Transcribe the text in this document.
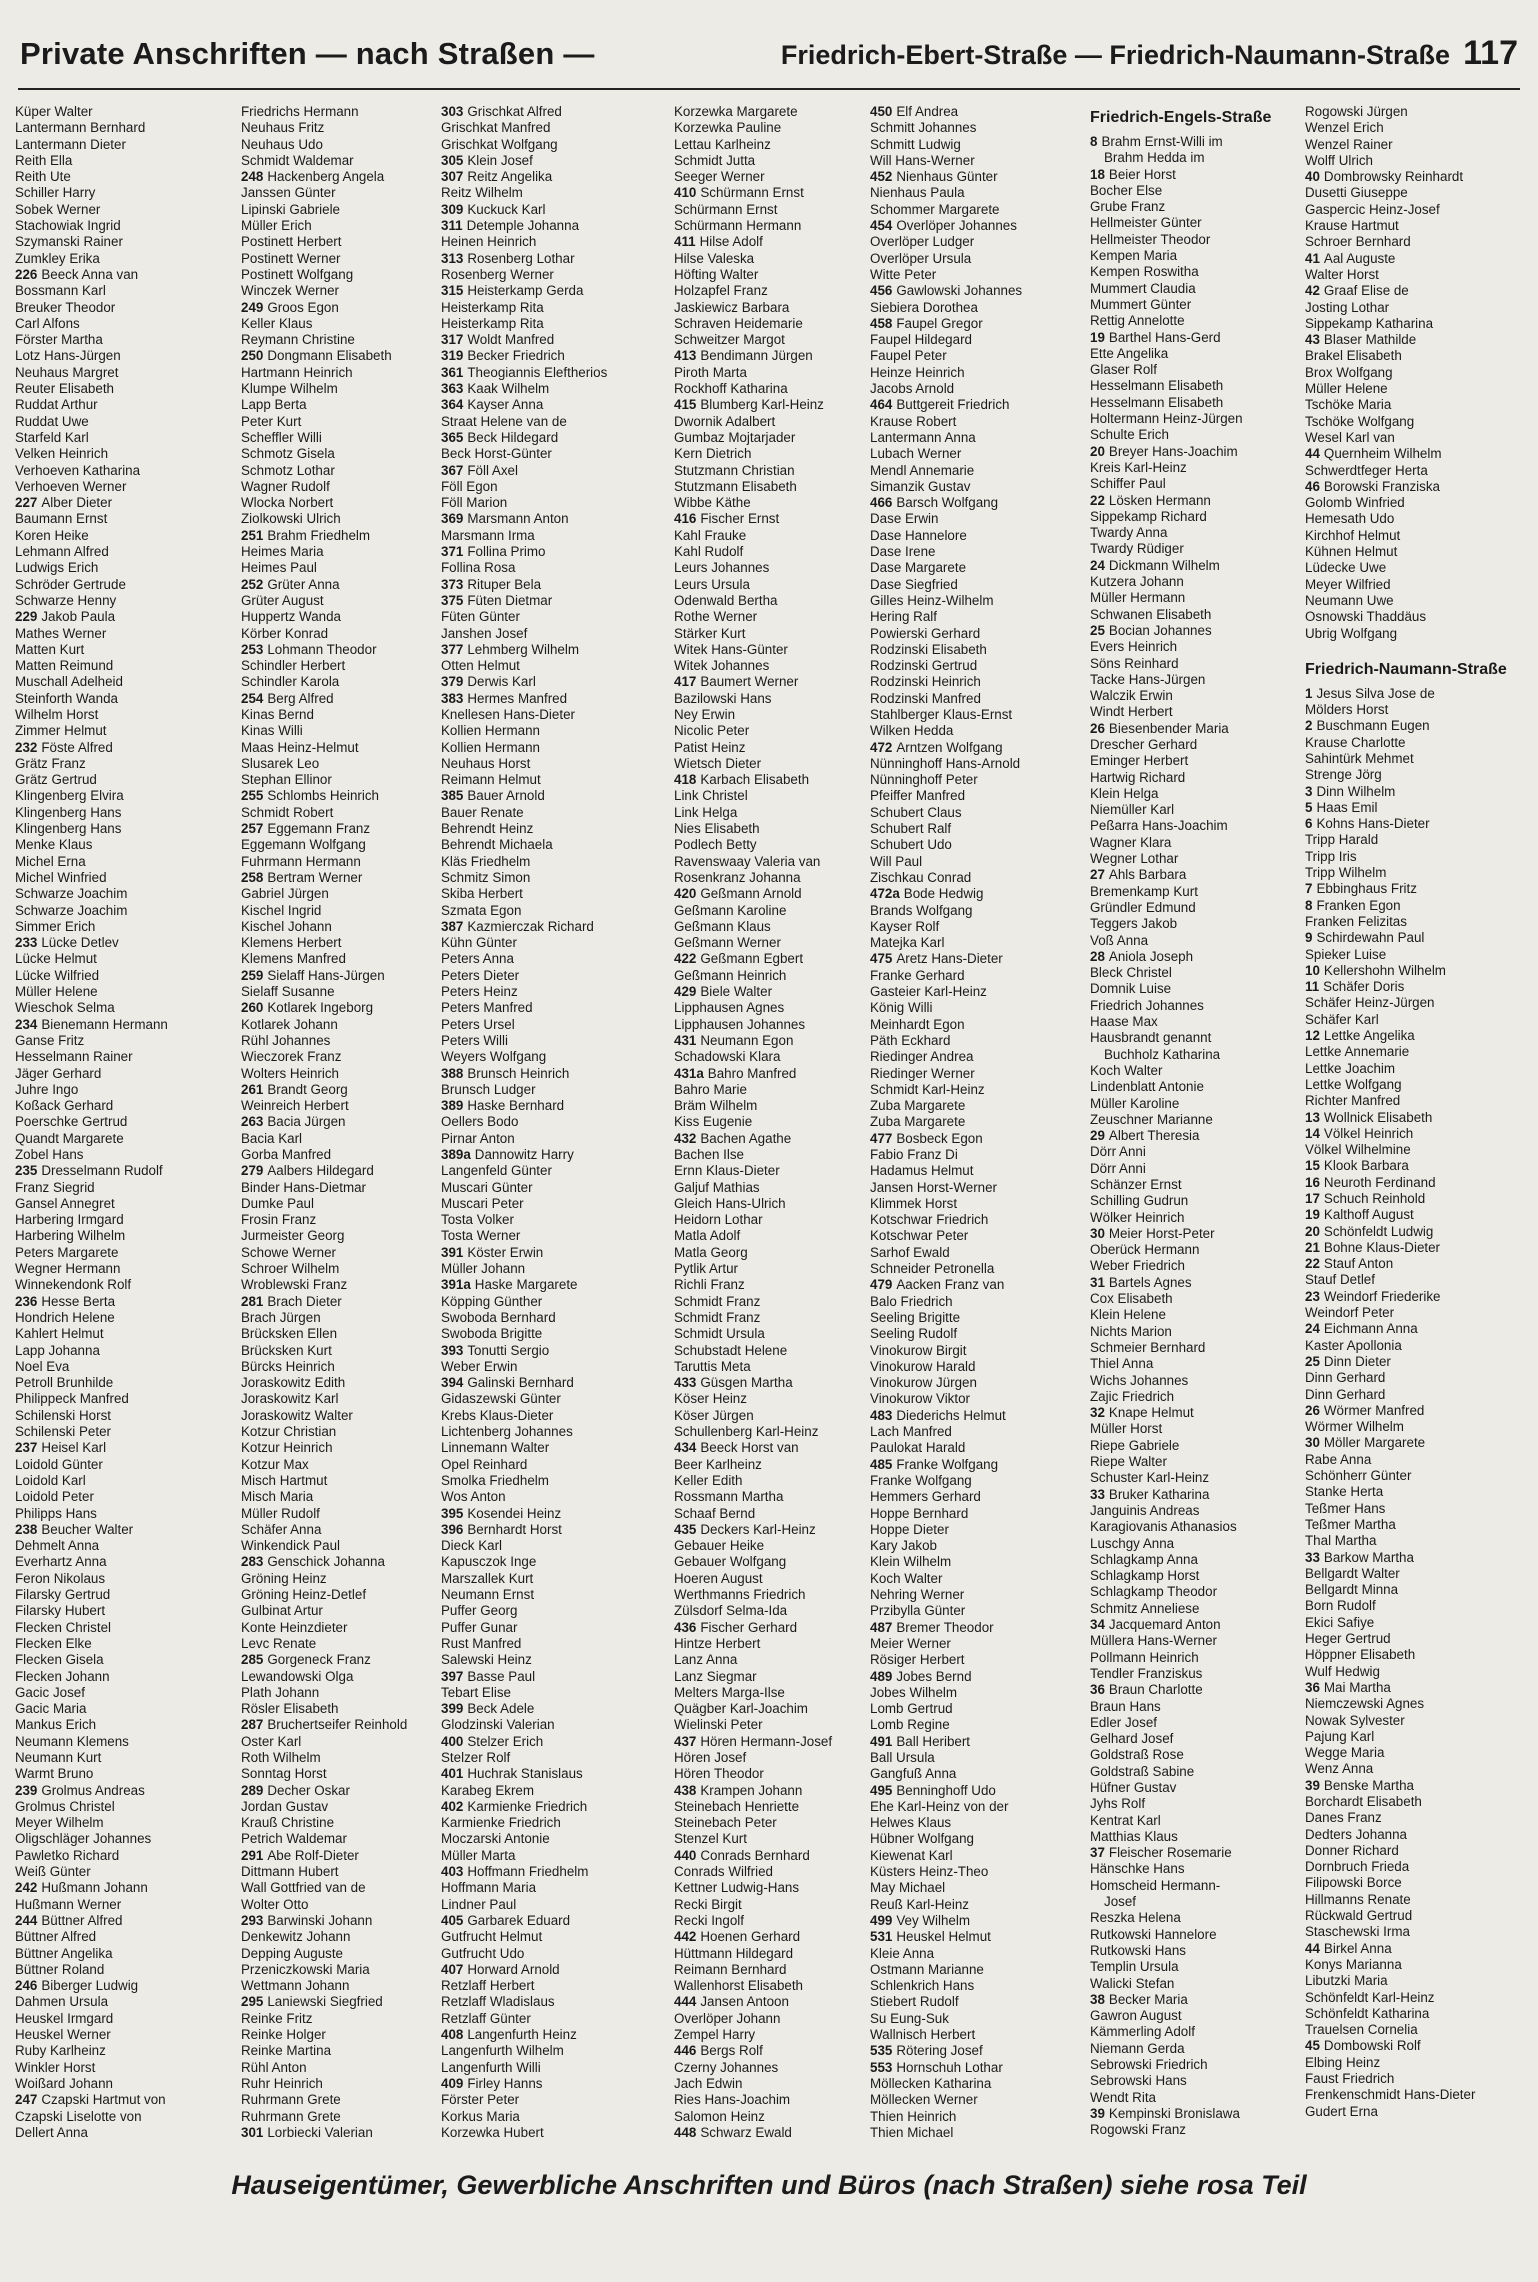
Private Anschriften — nach Straßen —	Friedrich-Ebert-Straße — Friedrich-Naumann-Straße 117
Küper Walter
Lantermann Bernhard
Lantermann Dieter
Reith Ella
Reith Ute
Schiller Harry
Sobek Werner
Stachowiak Ingrid
Szymanski Rainer
Zumkley Erika
226 Beeck Anna van
Bossmann Karl
Breuker Theodor
Carl Alfons
Förster Martha
Lotz Hans-Jürgen
Neuhaus Margret
Reuter Elisabeth
Ruddat Arthur
Ruddat Uwe
Starfeld Karl
Velken Heinrich
Verhoeven Katharina
Verhoeven Werner
227 Alber Dieter
Baumann Ernst
Koren Heike
Lehmann Alfred
Ludwigs Erich
Schröder Gertrude
Schwarze Henny
229 Jakob Paula
Mathes Werner
Matten Kurt
Matten Reimund
Muschall Adelheid
Steinforth Wanda
Wilhelm Horst
Zimmer Helmut
232 Föste Alfred
Grätz Franz
Grätz Gertrud
Klingenberg Elvira
Klingenberg Hans
Klingenberg Hans
Menke Klaus
Michel Erna
Michel Winfried
Schwarze Joachim
Schwarze Joachim
Simmer Erich
233 Lücke Detlev
Lücke Helmut
Lücke Wilfried
Müller Helene
Wieschok Selma
234 Bienemann Hermann
Ganse Fritz
Hesselmann Rainer
Jäger Gerhard
Juhre Ingo
Koßack Gerhard
Poerschke Gertrud
Quandt Margarete
Zobel Hans
235 Dresselmann Rudolf
Franz Siegrid
Gansel Annegret
Harbering Irmgard
Harbering Wilhelm
Peters Margarete
Wegner Hermann
Winnekendonk Rolf
236 Hesse Berta
Hondrich Helene
Kahlert Helmut
Lapp Johanna
Noel Eva
Petroll Brunhilde
Philippeck Manfred
Schilenski Horst
Schilenski Peter
237 Heisel Karl
Loidold Günter
Loidold Karl
Loidold Peter
Philipps Hans
238 Beucher Walter
Dehmelt Anna
Everhartz Anna
Feron Nikolaus
Filarsky Gertrud
Filarsky Hubert
Flecken Christel
Flecken Elke
Flecken Gisela
Flecken Johann
Gacic Josef
Gacic Maria
Mankus Erich
Neumann Klemens
Neumann Kurt
Warmt Bruno
239 Grolmus Andreas
Grolmus Christel
Meyer Wilhelm
Oligschläger Johannes
Pawletko Richard
Weiß Günter
242 Hußmann Johann
Hußmann Werner
244 Büttner Alfred
Büttner Alfred
Büttner Angelika
Büttner Roland
246 Biberger Ludwig
Dahmen Ursula
Heuskel Irmgard
Heuskel Werner
Ruby Karlheinz
Winkler Horst
Woißard Johann
247 Czapski Hartmut von
Czapski Liselotte von
Dellert Anna
Friedrichs Hermann
Neuhaus Fritz
Neuhaus Udo
Schmidt Waldemar
248 Hackenberg Angela
Janssen Günter
Lipinski Gabriele
Müller Erich
Postinett Herbert
Postinett Werner
Postinett Wolfgang
Winczek Werner
249 Groos Egon
Keller Klaus
Reymann Christine
250 Dongmann Elisabeth
Hartmann Heinrich
Klumpe Wilhelm
Lapp Berta
Peter Kurt
Scheffler Willi
Schmotz Gisela
Schmotz Lothar
Wagner Rudolf
Wlocka Norbert
Ziolkowski Ulrich
251 Brahm Friedhelm
Heimes Maria
Heimes Paul
252 Grüter Anna
Grüter August
Huppertz Wanda
Körber Konrad
253 Lohmann Theodor
Schindler Herbert
Schindler Karola
254 Berg Alfred
Kinas Bernd
Kinas Willi
Maas Heinz-Helmut
Slusarek Leo
Stephan Ellinor
255 Schlombs Heinrich
Schmidt Robert
257 Eggemann Franz
Eggemann Wolfgang
Fuhrmann Hermann
258 Bertram Werner
Gabriel Jürgen
Kischel Ingrid
Kischel Johann
Klemens Herbert
Klemens Manfred
259 Sielaff Hans-Jürgen
Sielaff Susanne
260 Kotlarek Ingeborg
Kotlarek Johann
Rühl Johannes
Wieczorek Franz
Wolters Heinrich
261 Brandt Georg
Weinreich Herbert
263 Bacia Jürgen
Bacia Karl
Gorba Manfred
279 Aalbers Hildegard
Binder Hans-Dietmar
Dumke Paul
Frosin Franz
Jurmeister Georg
Schowe Werner
Schroer Wilhelm
Wroblewski Franz
281 Brach Dieter
Brach Jürgen
Brücksken Ellen
Brücksken Kurt
Bürcks Heinrich
Joraskowitz Edith
Joraskowitz Karl
Joraskowitz Walter
Kotzur Christian
Kotzur Heinrich
Kotzur Max
Misch Hartmut
Misch Maria
Müller Rudolf
Schäfer Anna
Winkendick Paul
283 Genschick Johanna
Gröning Heinz
Gröning Heinz-Detlef
Gulbinat Artur
Konte Heinzdieter
Levc Renate
285 Gorgeneck Franz
Lewandowski Olga
Plath Johann
Rösler Elisabeth
287 Bruchertseifer Reinhold
Oster Karl
Roth Wilhelm
Sonntag Horst
289 Decher Oskar
Jordan Gustav
Krauß Christine
Petrich Waldemar
291 Abe Rolf-Dieter
Dittmann Hubert
Wall Gottfried van de
Wolter Otto
293 Barwinski Johann
Denkewitz Johann
Depping Auguste
Przeniczkowski Maria
Wettmann Johann
295 Laniewski Siegfried
Reinke Fritz
Reinke Holger
Reinke Martina
Rühl Anton
Ruhr Heinrich
Ruhrmann Grete
Ruhrmann Grete
301 Lorbiecki Valerian
303 Grischkat Alfred
Grischkat Manfred
Grischkat Wolfgang
305 Klein Josef
307 Reitz Angelika
Reitz Wilhelm
309 Kuckuck Karl
311 Detemple Johanna
Heinen Heinrich
313 Rosenberg Lothar
Rosenberg Werner
315 Heisterkamp Gerda
Heisterkamp Rita
Heisterkamp Rita
317 Woldt Manfred
319 Becker Friedrich
361 Theogiannis Eleftherios
363 Kaak Wilhelm
364 Kayser Anna
Straat Helene van de
365 Beck Hildegard
Beck Horst-Günter
367 Föll Axel
Föll Egon
Föll Marion
369 Marsmann Anton
Marsmann Irma
371 Follina Primo
Follina Rosa
373 Rituper Bela
375 Füten Dietmar
Füten Günter
Janshen Josef
377 Lehmberg Wilhelm
Otten Helmut
379 Derwis Karl
383 Hermes Manfred
Knellesen Hans-Dieter
Kollien Hermann
Kollien Hermann
Neuhaus Horst
Reimann Helmut
385 Bauer Arnold
Bauer Renate
Behrendt Heinz
Behrendt Michaela
Kläs Friedhelm
Schmitz Simon
Skiba Herbert
Szmata Egon
387 Kazmierczak Richard
Kühn Günter
Peters Anna
Peters Dieter
Peters Heinz
Peters Manfred
Peters Ursel
Peters Willi
Weyers Wolfgang
388 Brunsch Heinrich
Brunsch Ludger
389 Haske Bernhard
Oellers Bodo
Pirnar Anton
389a Dannowitz Harry
Langenfeld Günter
Muscari Günter
Muscari Peter
Tosta Volker
Tosta Werner
391 Köster Erwin
Müller Johann
391a Haske Margarete
Köpping Günther
Swoboda Bernhard
Swoboda Brigitte
393 Tonutti Sergio
Weber Erwin
394 Galinski Bernhard
Gidaszewski Günter
Krebs Klaus-Dieter
Lichtenberg Johannes
Linnemann Walter
Opel Reinhard
Smolka Friedhelm
Wos Anton
395 Kosendei Heinz
396 Bernhardt Horst
Dieck Karl
Kapusczok Inge
Marszallek Kurt
Neumann Ernst
Puffer Georg
Puffer Gunar
Rust Manfred
Salewski Heinz
397 Basse Paul
Tebart Elise
399 Beck Adele
Glodzinski Valerian
400 Stelzer Erich
Stelzer Rolf
401 Huchrak Stanislaus
Karabeg Ekrem
402 Karmienke Friedrich
Karmienke Friedrich
Moczarski Antonie
Müller Marta
403 Hoffmann Friedhelm
Hoffmann Maria
Lindner Paul
405 Garbarek Eduard
Gutfrucht Helmut
Gutfrucht Udo
407 Horward Arnold
Retzlaff Herbert
Retzlaff Wladislaus
Retzlaff Günter
408 Langenfurth Heinz
Langenfurth Wilhelm
Langenfurth Willi
409 Firley Hanns
Förster Peter
Korkus Maria
Korzewka Hubert
Korzewka Margarete
Korzewka Pauline
Lettau Karlheinz
Schmidt Jutta
Seeger Werner
410 Schürmann Ernst
Schürmann Ernst
Schürmann Hermann
411 Hilse Adolf
Hilse Valeska
Höfting Walter
Holzapfel Franz
Jaskiewicz Barbara
Schraven Heidemarie
Schweitzer Margot
413 Bendimann Jürgen
Piroth Marta
Rockhoff Katharina
415 Blumberg Karl-Heinz
Dwornik Adalbert
Gumbaz Mojtarjader
Kern Dietrich
Stutzmann Christian
Stutzmann Elisabeth
Wibbe Käthe
416 Fischer Ernst
Kahl Frauke
Kahl Rudolf
Leurs Johannes
Leurs Ursula
Odenwald Bertha
Rothe Werner
Stärker Kurt
Witek Hans-Günter
Witek Johannes
417 Baumert Werner
Bazilowski Hans
Ney Erwin
Nicolic Peter
Patist Heinz
Wietsch Dieter
418 Karbach Elisabeth
Link Christel
Link Helga
Nies Elisabeth
Podlech Betty
Ravenswaay Valeria van
Rosenkranz Johanna
420 Geßmann Arnold
Geßmann Karoline
Geßmann Klaus
Geßmann Werner
422 Geßmann Egbert
Geßmann Heinrich
429 Biele Walter
Lipphausen Agnes
Lipphausen Johannes
431 Neumann Egon
Schadowski Klara
431a Bahro Manfred
Bahro Marie
Bräm Wilhelm
Kiss Eugenie
432 Bachen Agathe
Bachen Ilse
Ernn Klaus-Dieter
Galjuf Mathias
Gleich Hans-Ulrich
Heidorn Lothar
Matla Adolf
Matla Georg
Pytlik Artur
Richli Franz
Schmidt Franz
Schmidt Franz
Schmidt Ursula
Schubstadt Helene
Taruttis Meta
433 Güsgen Martha
Köser Heinz
Köser Jürgen
Schullenberg Karl-Heinz
434 Beeck Horst van
Beer Karlheinz
Keller Edith
Rossmann Martha
Schaaf Bernd
435 Deckers Karl-Heinz
Gebauer Heike
Gebauer Wolfgang
Hoeren August
Werthmanns Friedrich
Zülsdorf Selma-Ida
436 Fischer Gerhard
Hintze Herbert
Lanz Anna
Lanz Siegmar
Melters Marga-Ilse
Quägber Karl-Joachim
Wielinski Peter
437 Hören Hermann-Josef
Hören Josef
Hören Theodor
438 Krampen Johann
Steinebach Henriette
Steinebach Peter
Stenzel Kurt
440 Conrads Bernhard
Conrads Wilfried
Kettner Ludwig-Hans
Recki Birgit
Recki Ingolf
442 Hoenen Gerhard
Hüttmann Hildegard
Reimann Bernhard
Wallenhorst Elisabeth
444 Jansen Antoon
Overlöper Johann
Zempel Harry
446 Bergs Rolf
Czerny Johannes
Jach Edwin
Ries Hans-Joachim
Salomon Heinz
448 Schwarz Ewald
450 Elf Andrea
Schmitt Johannes
Schmitt Ludwig
Will Hans-Werner
452 Nienhaus Günter
Nienhaus Paula
Schommer Margarete
454 Overlöper Johannes
Overlöper Ludger
Overlöper Ursula
Witte Peter
456 Gawlowski Johannes
Siebiera Dorothea
458 Faupel Gregor
Faupel Hildegard
Faupel Peter
Heinze Heinrich
Jacobs Arnold
464 Buttgereit Friedrich
Krause Robert
Lantermann Anna
Lubach Werner
Mendl Annemarie
Simanzik Gustav
466 Barsch Wolfgang
Dase Erwin
Dase Hannelore
Dase Irene
Dase Margarete
Dase Siegfried
Gilles Heinz-Wilhelm
Hering Ralf
Powierski Gerhard
Rodzinski Elisabeth
Rodzinski Gertrud
Rodzinski Heinrich
Rodzinski Manfred
Stahlberger Klaus-Ernst
Wilken Hedda
472 Arntzen Wolfgang
Nünninghoff Hans-Arnold
Nünninghoff Peter
Pfeiffer Manfred
Schubert Claus
Schubert Ralf
Schubert Udo
Will Paul
Zischkau Conrad
472a Bode Hedwig
Brands Wolfgang
Kayser Rolf
Matejka Karl
475 Aretz Hans-Dieter
Franke Gerhard
Gasteier Karl-Heinz
König Willi
Meinhardt Egon
Päth Eckhard
Riedinger Andrea
Riedinger Werner
Schmidt Karl-Heinz
Zuba Margarete
Zuba Margarete
477 Bosbeck Egon
Fabio Franz Di
Hadamus Helmut
Jansen Horst-Werner
Klimmek Horst
Kotschwar Friedrich
Kotschwar Peter
Sarhof Ewald
Schneider Petronella
479 Aacken Franz van
Balo Friedrich
Seeling Brigitte
Seeling Rudolf
Vinokurow Birgit
Vinokurow Harald
Vinokurow Jürgen
Vinokurow Viktor
483 Diederichs Helmut
Lach Manfred
Paulokat Harald
485 Franke Wolfgang
Franke Wolfgang
Hemmers Gerhard
Hoppe Bernhard
Hoppe Dieter
Kary Jakob
Klein Wilhelm
Koch Walter
Nehring Werner
Przibylla Günter
487 Bremer Theodor
Meier Werner
Rösiger Herbert
489 Jobes Bernd
Jobes Wilhelm
Lomb Gertrud
Lomb Regine
491 Ball Heribert
Ball Ursula
Gangfuß Anna
495 Benninghoff Udo
Ehe Karl-Heinz von der
Helwes Klaus
Hübner Wolfgang
Kiewenat Karl
Küsters Heinz-Theo
May Michael
Reuß Karl-Heinz
499 Vey Wilhelm
531 Heuskel Helmut
Kleie Anna
Ostmann Marianne
Schlenkrich Hans
Stiebert Rudolf
Su Eung-Suk
Wallnisch Herbert
535 Rötering Josef
553 Hornschuh Lothar
Möllecken Katharina
Möllecken Werner
Thien Heinrich
Thien Michael
Friedrich-Engels-Straße
8 Brahm Ernst-Willi im
Brahm Hedda im
18 Beier Horst
Bocher Else
Grube Franz
Hellmeister Günter
Hellmeister Theodor
Kempen Maria
Kempen Roswitha
Mummert Claudia
Mummert Günter
Rettig Annelotte
19 Barthel Hans-Gerd
Ette Angelika
Glaser Rolf
Hesselmann Elisabeth
Hesselmann Elisabeth
Holtermann Heinz-Jürgen
Schulte Erich
20 Breyer Hans-Joachim
Kreis Karl-Heinz
Schiffer Paul
22 Lösken Hermann
Sippekamp Richard
Twardy Anna
Twardy Rüdiger
24 Dickmann Wilhelm
Kutzera Johann
Müller Hermann
Schwanen Elisabeth
25 Bocian Johannes
Evers Heinrich
Söns Reinhard
Tacke Hans-Jürgen
Walczik Erwin
Windt Herbert
26 Biesenbender Maria
Drescher Gerhard
Eminger Herbert
Hartwig Richard
Klein Helga
Niemüller Karl
Peßarra Hans-Joachim
Wagner Klara
Wegner Lothar
27 Ahls Barbara
Bremenkamp Kurt
Gründler Edmund
Teggers Jakob
Voß Anna
28 Aniola Joseph
Bleck Christel
Domnik Luise
Friedrich Johannes
Haase Max
Hausbrandt genannt
Buchholz Katharina
Koch Walter
Lindenblatt Antonie
Müller Karoline
Zeuschner Marianne
29 Albert Theresia
Dörr Anni
Dörr Anni
Schänzer Ernst
Schilling Gudrun
Wölker Heinrich
30 Meier Horst-Peter
Oberück Hermann
Weber Friedrich
31 Bartels Agnes
Cox Elisabeth
Klein Helene
Nichts Marion
Schmeier Bernhard
Thiel Anna
Wichs Johannes
Zajic Friedrich
32 Knape Helmut
Müller Horst
Riepe Gabriele
Riepe Walter
Schuster Karl-Heinz
33 Bruker Katharina
Janguinis Andreas
Karagiovanis Athanasios
Luschgy Anna
Schlagkamp Anna
Schlagkamp Horst
Schlagkamp Theodor
Schmitz Anneliese
34 Jacquemard Anton
Müllera Hans-Werner
Pollmann Heinrich
Tendler Franziskus
36 Braun Charlotte
Braun Hans
Edler Josef
Gelhard Josef
Goldstraß Rose
Goldstraß Sabine
Hüfner Gustav
Jyhs Rolf
Kentrat Karl
Matthias Klaus
37 Fleischer Rosemarie
Hänschke Hans
Homscheid Hermann-
Josef
Reszka Helena
Rutkowski Hannelore
Rutkowski Hans
Templin Ursula
Walicki Stefan
38 Becker Maria
Gawron August
Kämmerling Adolf
Niemann Gerda
Sebrowski Friedrich
Sebrowski Hans
Wendt Rita
39 Kempinski Bronislawa
Rogowski Franz
Rogowski Jürgen
Wenzel Erich
Wenzel Rainer
Wolff Ulrich
40 Dombrowsky Reinhardt
Dusetti Giuseppe
Gaspercic Heinz-Josef
Krause Hartmut
Schroer Bernhard
41 Aal Auguste
Walter Horst
42 Graaf Elise de
Josting Lothar
Sippekamp Katharina
43 Blaser Mathilde
Brakel Elisabeth
Brox Wolfgang
Müller Helene
Tschöke Maria
Tschöke Wolfgang
Wesel Karl van
44 Quernheim Wilhelm
Schwerdtfeger Herta
46 Borowski Franziska
Golomb Winfried
Hemesath Udo
Kirchhof Helmut
Kühnen Helmut
Lüdecke Uwe
Meyer Wilfried
Neumann Uwe
Osnowski Thaddäus
Ubrig Wolfgang
Friedrich-Naumann-Straße
1 Jesus Silva Jose de
Mölders Horst
2 Buschmann Eugen
Krause Charlotte
Sahintürk Mehmet
Strenge Jörg
3 Dinn Wilhelm
5 Haas Emil
6 Kohns Hans-Dieter
Tripp Harald
Tripp Iris
Tripp Wilhelm
7 Ebbinghaus Fritz
8 Franken Egon
Franken Felizitas
9 Schirdewahn Paul
Spieker Luise
10 Kellershohn Wilhelm
11 Schäfer Doris
Schäfer Heinz-Jürgen
Schäfer Karl
12 Lettke Angelika
Lettke Annemarie
Lettke Joachim
Lettke Wolfgang
Richter Manfred
13 Wollnick Elisabeth
14 Völkel Heinrich
Völkel Wilhelmine
15 Klook Barbara
16 Neuroth Ferdinand
17 Schuch Reinhold
19 Kalthoff August
20 Schönfeldt Ludwig
21 Bohne Klaus-Dieter
22 Stauf Anton
Stauf Detlef
23 Weindorf Friederike
Weindorf Peter
24 Eichmann Anna
Kaster Apollonia
25 Dinn Dieter
Dinn Gerhard
Dinn Gerhard
26 Wörmer Manfred
Wörmer Wilhelm
30 Möller Margarete
Rabe Anna
Schönherr Günter
Stanke Herta
Teßmer Hans
Teßmer Martha
Thal Martha
33 Barkow Martha
Bellgardt Walter
Bellgardt Minna
Born Rudolf
Ekici Safiye
Heger Gertrud
Höppner Elisabeth
Wulf Hedwig
36 Mai Martha
Niemczewski Agnes
Nowak Sylvester
Pajung Karl
Wegge Maria
Wenz Anna
39 Benske Martha
Borchardt Elisabeth
Danes Franz
Dedters Johanna
Donner Richard
Dornbruch Frieda
Filipowski Borce
Hillmanns Renate
Rückwald Gertrud
Staschewski Irma
44 Birkel Anna
Konys Marianna
Libutzki Maria
Schönfeldt Karl-Heinz
Schönfeldt Katharina
Trauelsen Cornelia
45 Dombowski Rolf
Elbing Heinz
Faust Friedrich
Frenkenschmidt Hans-Dieter
Gudert Erna
Hauseigentümer, Gewerbliche Anschriften und Büros (nach Straßen) siehe rosa Teil
